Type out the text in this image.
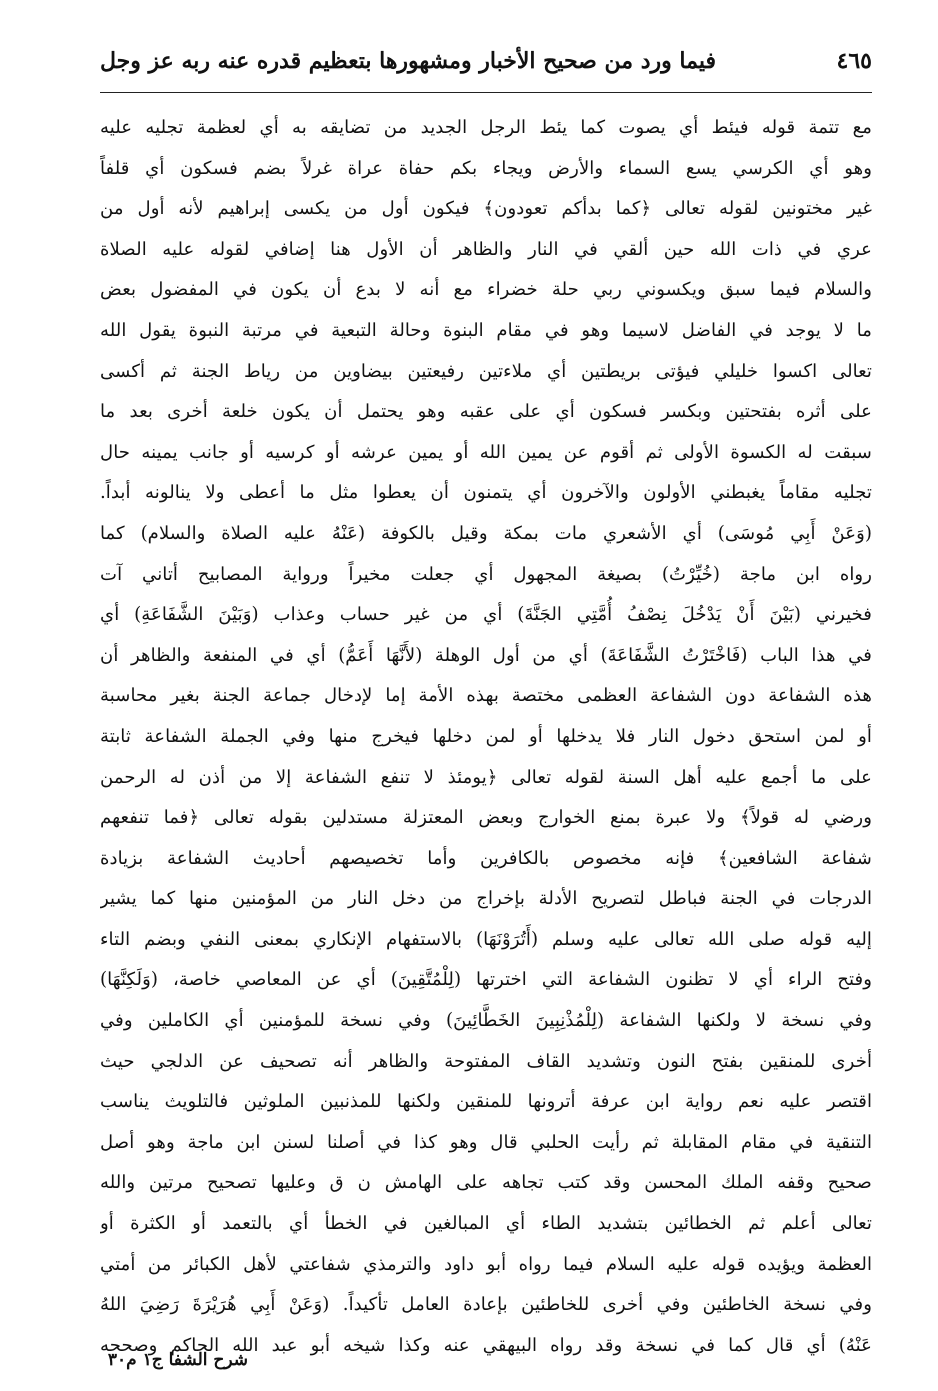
فيما ورد من صحيح الأخبار ومشهورها بتعظيم قدره عنه ربه عز وجل	٤٦٥
مع تتمة قوله فيئط أي يصوت كما يئط الرجل الجديد من تضايقه به أي لعظمة تجليه عليه
وهو أي الكرسي يسع السماء والأرض ويجاء بكم حفاة عراة غرلاً بضم فسكون أي قلفاً
غير مختونين لقوله تعالى ﴿كما بدأكم تعودون﴾ فيكون أول من يكسى إبراهيم لأنه أول من
عري في ذات الله حين ألقي في النار والظاهر أن الأول هنا إضافي لقوله عليه الصلاة
والسلام فيما سبق ويكسوني ربي حلة خضراء مع أنه لا بدع أن يكون في المفضول بعض
ما لا يوجد في الفاضل لاسيما وهو في مقام البنوة وحالة التبعية في مرتبة النبوة يقول الله
تعالى اكسوا خليلي فيؤتى بريطتين أي ملاءتين رفيعتين بيضاوين من رياط الجنة ثم أكسى
على أثره بفتحتين وبكسر فسكون أي على عقبه وهو يحتمل أن يكون خلعة أخرى بعد ما
سبقت له الكسوة الأولى ثم أقوم عن يمين الله أو يمين عرشه أو كرسيه أو جانب يمينه حال
تجليه مقاماً يغبطني الأولون والآخرون أي يتمنون أن يعطوا مثل ما أعطى ولا ينالونه أبداً.
(وَعَنْ أَبِي مُوسَى) أي الأشعري مات بمكة وقيل بالكوفة (عَنْهُ عليه الصلاة والسلام) كما
رواه ابن ماجة (خُيِّرْتُ) بصيغة المجهول أي جعلت مخيراً ورواية المصابيح أتاني آت
فخيرني (بَيْنَ أَنْ يَدْخُلَ نِصْفُ أُمَّتِي الجَنَّةَ) أي من غير حساب وعذاب (وَبَيْنَ الشَّفَاعَةِ) أي
في هذا الباب (فَاخْتَرْتُ الشَّفَاعَةَ) أي من أول الوهلة (لأَنَّهَا أَعَمُّ) أي في المنفعة والظاهر أن
هذه الشفاعة دون الشفاعة العظمى مختصة بهذه الأمة إما لإدخال جماعة الجنة بغير محاسبة
أو لمن استحق دخول النار فلا يدخلها أو لمن دخلها فيخرج منها وفي الجملة الشفاعة ثابتة
على ما أجمع عليه أهل السنة لقوله تعالى ﴿يومئذ لا تنفع الشفاعة إلا من أذن له الرحمن
ورضي له قولاً﴾ ولا عبرة بمنع الخوارج وبعض المعتزلة مستدلين بقوله تعالى ﴿فما تنفعهم
شفاعة الشافعين﴾ فإنه مخصوص بالكافرين وأما تخصيصهم أحاديث الشفاعة بزيادة
الدرجات في الجنة فباطل لتصريح الأدلة بإخراج من دخل النار من المؤمنين منها كما يشير
إليه قوله صلى الله تعالى عليه وسلم (أَتُرَوْنَهَا) بالاستفهام الإنكاري بمعنى النفي وبضم التاء
وفتح الراء أي لا تظنون الشفاعة التي اخترتها (لِلْمُتَّقِينَ) أي عن المعاصي خاصة، (وَلَكِنَّهَا)
وفي نسخة لا ولكنها الشفاعة (لِلْمُذْنِبِينَ الخَطَّائِينَ) وفي نسخة للمؤمنين أي الكاملين وفي
أخرى للمنقين بفتح النون وتشديد القاف المفتوحة والظاهر أنه تصحيف عن الدلجي حيث
اقتصر عليه نعم رواية ابن عرفة أترونها للمنقين ولكنها للمذنبين الملوثين فالتلويث يناسب
التنقية في مقام المقابلة ثم رأيت الحلبي قال وهو كذا في أصلنا لسنن ابن ماجة وهو أصل
صحيح وقفه الملك المحسن وقد كتب تجاهه على الهامش ن ق وعليها تصحيح مرتين والله
تعالى أعلم ثم الخطائين بتشديد الطاء أي المبالغين في الخطأ أي بالتعمد أو الكثرة أو
العظمة ويؤيده قوله عليه السلام فيما رواه أبو داود والترمذي شفاعتي لأهل الكبائر من أمتي
وفي نسخة الخاطئين وفي أخرى للخاطئين بإعادة العامل تأكيداً. (وَعَنْ أَبِي هُرَيْرَةَ رَضِيَ اللهُ
عَنْهُ) أي قال كما في نسخة وقد رواه البيهقي عنه وكذا شيخه أبو عبد الله الحاكم وصححه
شرح الشفا ج١ م٣٠
